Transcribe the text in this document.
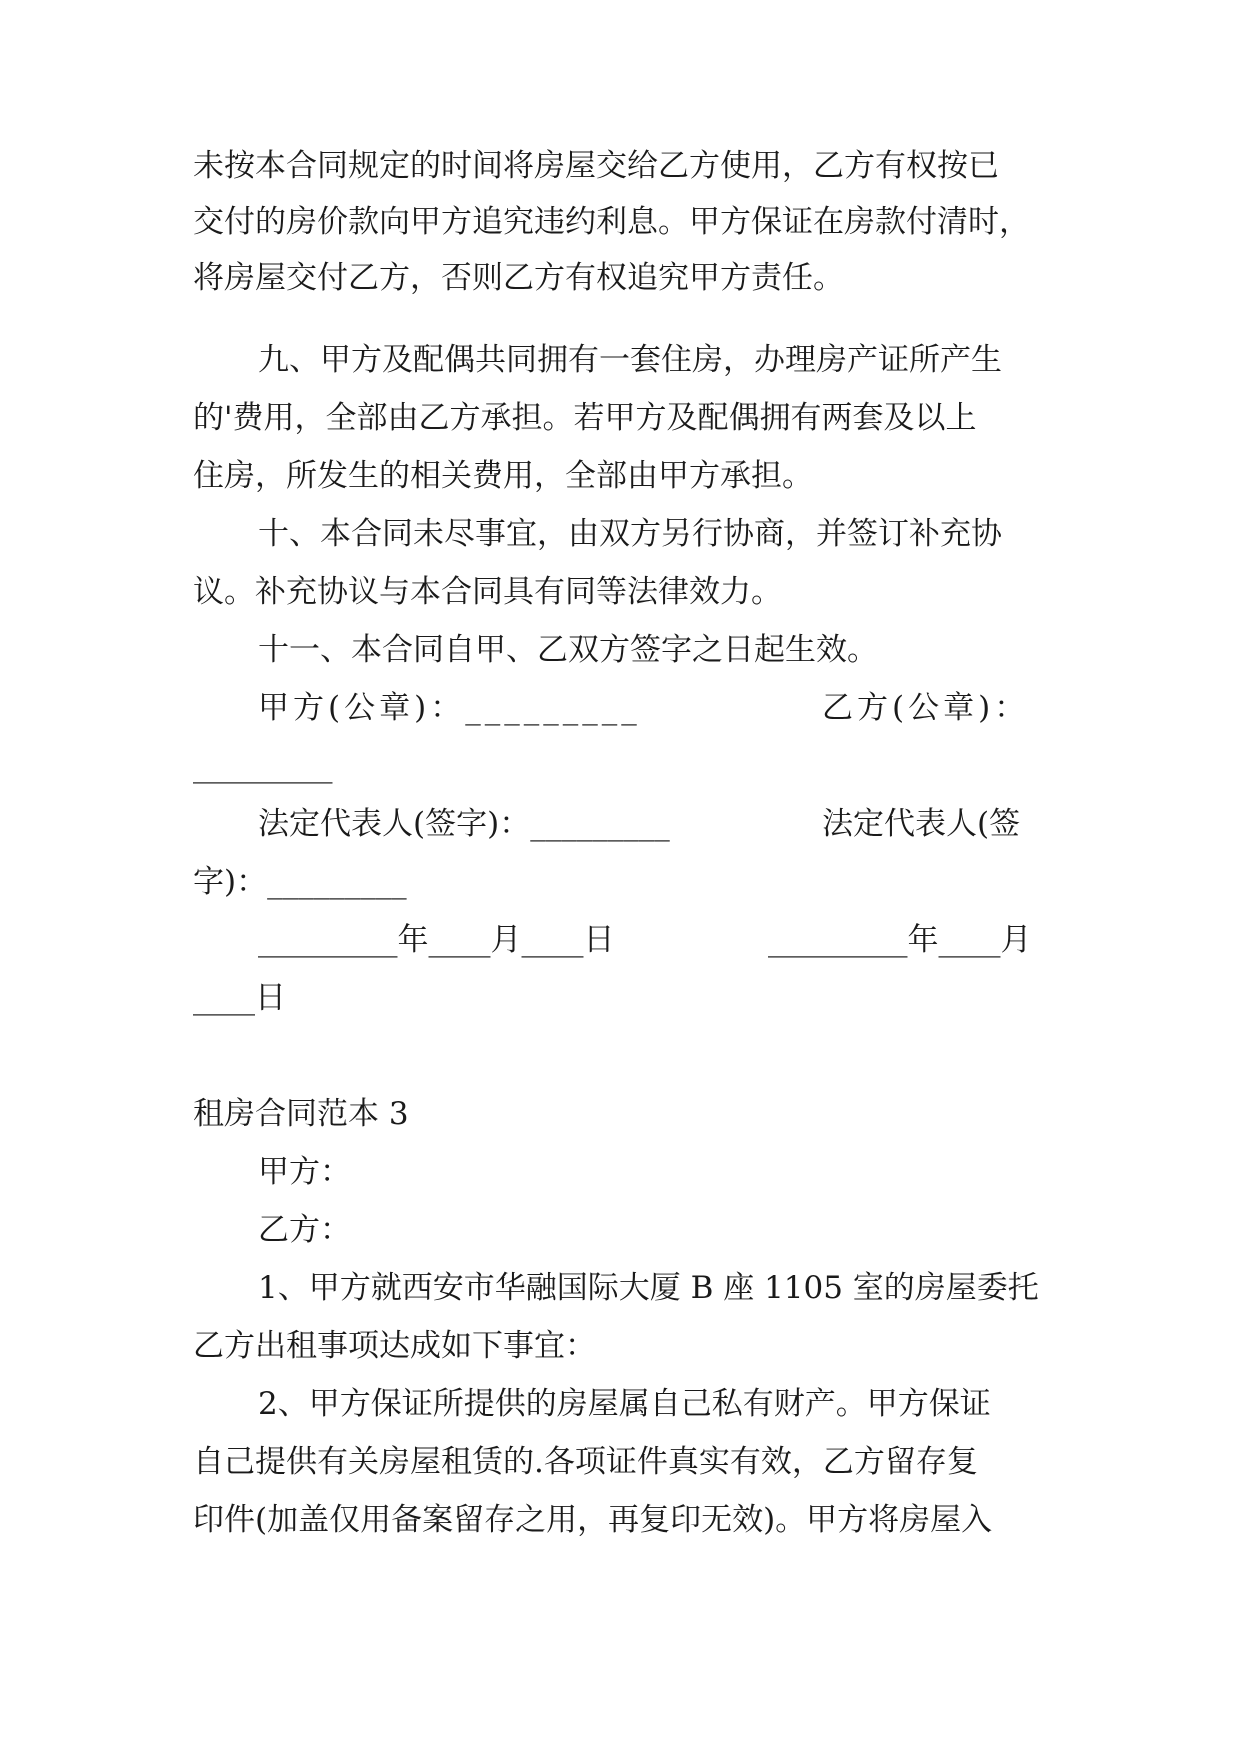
未按本合同规定的时间将房屋交给乙方使用，乙方有权按已
交付的房价款向甲方追究违约利息。甲方保证在房款付清时，
将房屋交付乙方，否则乙方有权追究甲方责任。
九、甲方及配偶共同拥有一套住房，办理房产证所产生
的'费用，全部由乙方承担。若甲方及配偶拥有两套及以上
住房，所发生的相关费用，全部由甲方承担。
十、本合同未尽事宜，由双方另行协商，并签订补充协
议。补充协议与本合同具有同等法律效力。
十一、本合同自甲、乙双方签字之日起生效。
甲方(公章)：_________	乙方(公章)：
_________
法定代表人(签字)：_________	法定代表人(签
字)：_________
_________年____月____日	_________年____月
____日
租房合同范本 3
甲方：
乙方：
1、甲方就西安市华融国际大厦 B 座 1105 室的房屋委托
乙方出租事项达成如下事宜：
2、甲方保证所提供的房屋属自己私有财产。甲方保证
自己提供有关房屋租赁的.各项证件真实有效，乙方留存复
印件(加盖仅用备案留存之用，再复印无效)。甲方将房屋入
